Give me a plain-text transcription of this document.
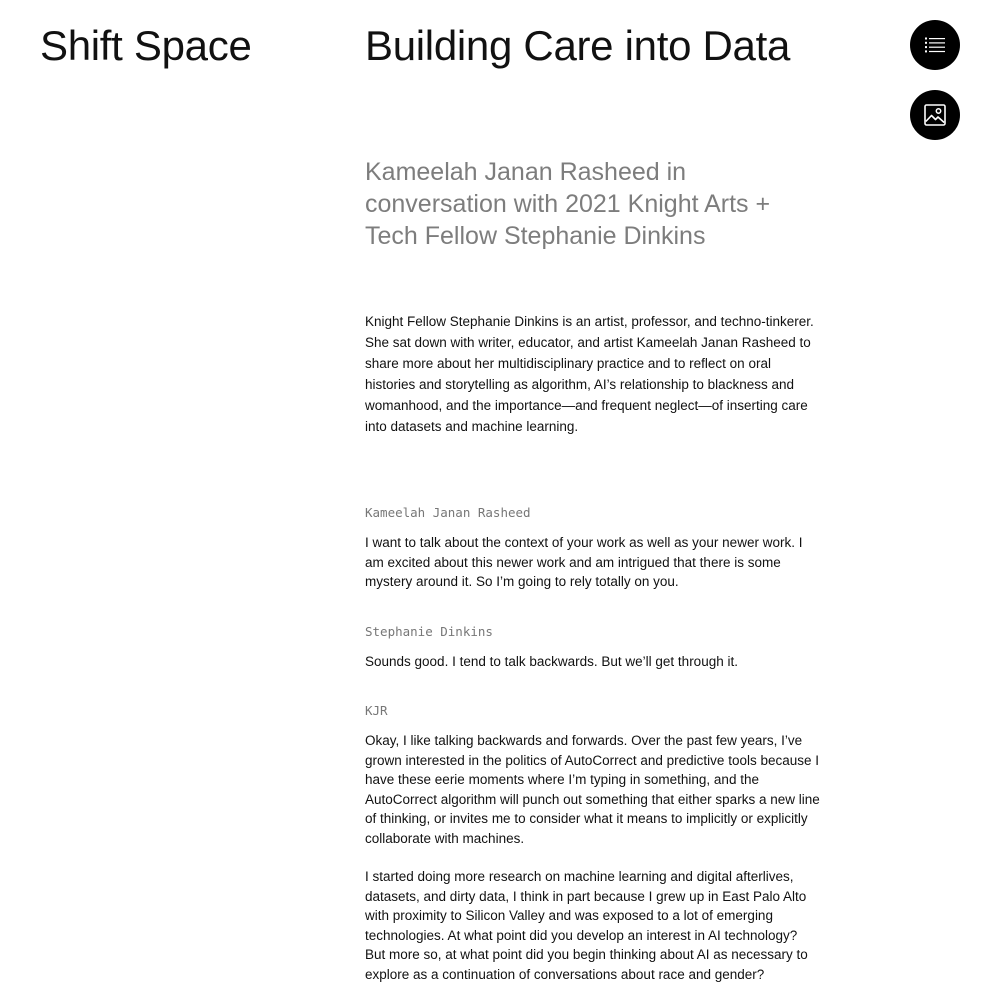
Shift Space	Building Care into Data
Kameelah Janan Rasheed in conversation with 2021 Knight Arts + Tech Fellow Stephanie Dinkins

Knight Fellow Stephanie Dinkins is an artist, professor, and techno-tinkerer. She sat down with writer, educator, and artist Kameelah Janan Rasheed to share more about her multidisciplinary practice and to reflect on oral histories and storytelling as algorithm, AI’s relationship to blackness and womanhood, and the importance—and frequent neglect—of inserting care into datasets and machine learning.

Kameelah Janan Rasheed

I want to talk about the context of your work as well as your newer work. I am excited about this newer work and am intrigued that there is some mystery around it. So I’m going to rely totally on you.

Stephanie Dinkins

Sounds good. I tend to talk backwards. But we’ll get through it.

KJR

Okay, I like talking backwards and forwards. Over the past few years, I’ve grown interested in the politics of AutoCorrect and predictive tools because I have these eerie moments where I’m typing in something, and the AutoCorrect algorithm will punch out something that either sparks a new line of thinking, or invites me to consider what it means to implicitly or explicitly collaborate with machines.

I started doing more research on machine learning and digital afterlives, datasets, and dirty data, I think in part because I grew up in East Palo Alto with proximity to Silicon Valley and was exposed to a lot of emerging technologies. At what point did you develop an interest in AI technology? But more so, at what point did you begin thinking about AI as necessary to explore as a continuation of conversations about race and gender?
